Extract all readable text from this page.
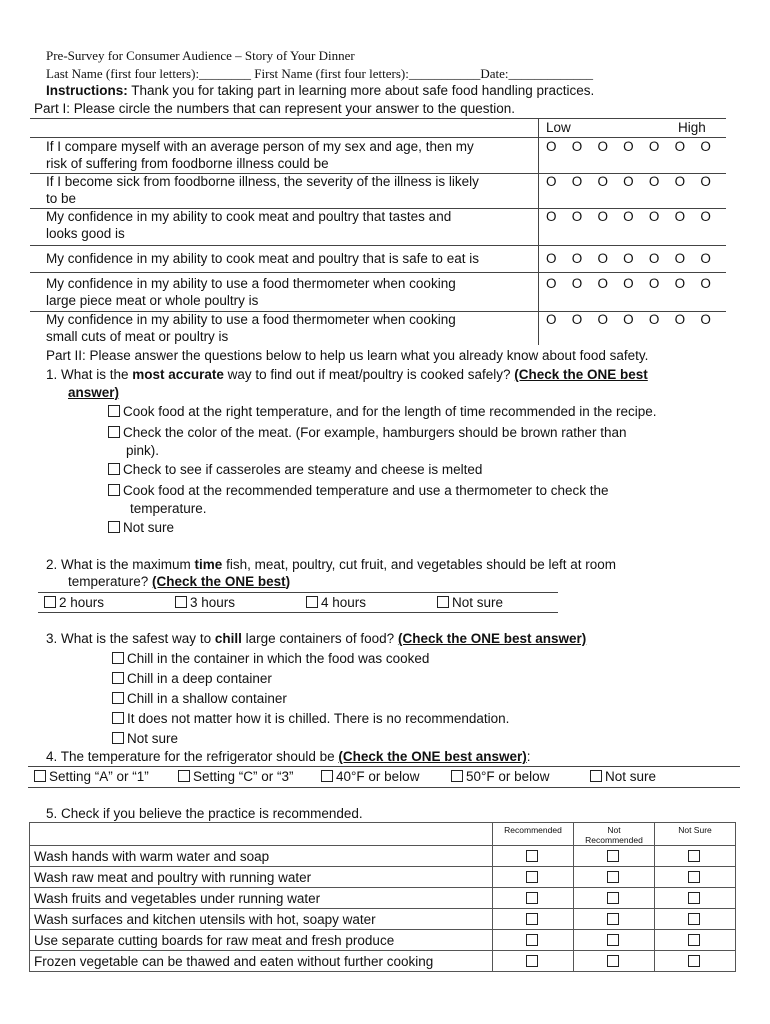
Pre-Survey for Consumer Audience – Story of Your Dinner
Last Name (first four letters):________ First Name (first four letters):___________Date:_____________
Instructions: Thank you for taking part in learning more about safe food handling practices.
Part I: Please circle the numbers that can represent your answer to the question.
Low	High
If I compare myself with an average person of my sex and age, then my
risk of suffering from foodborne illness could be
O	O	O	O	O	O	O
If I become sick from foodborne illness, the severity of the illness is likely
to be
O	O	O	O	O	O	O
My confidence in my ability to cook meat and poultry that tastes and
looks good is
O	O	O	O	O	O	O
My confidence in my ability to cook meat and poultry that is safe to eat is	O	O	O	O	O	O	O
My confidence in my ability to use a food thermometer when cooking
large piece meat or whole poultry is
O	O	O	O	O	O	O
My confidence in my ability to use a food thermometer when cooking
small cuts of meat or poultry is
O	O	O	O	O	O	O
Part II: Please answer the questions below to help us learn what you already know about food safety.
1. What is the most accurate way to find out if meat/poultry is cooked safely? (Check the ONE best
answer)
Cook food at the right temperature, and for the length of time recommended in the recipe.
Check the color of the meat. (For example, hamburgers should be brown rather than
pink).
Check to see if casseroles are steamy and cheese is melted
Cook food at the recommended temperature and use a thermometer to check the
temperature.
Not sure
2. What is the maximum time fish, meat, poultry, cut fruit, and vegetables should be left at room
temperature? (Check the ONE best)
2 hours	3 hours	4 hours	Not sure
3. What is the safest way to chill large containers of food? (Check the ONE best answer)
Chill in the container in which the food was cooked
Chill in a deep container
Chill in a shallow container
It does not matter how it is chilled. There is no recommendation.
Not sure
4. The temperature for the refrigerator should be (Check the ONE best answer):
Setting “A” or “1”	Setting “C” or “3”	40°F or below	50°F or below	Not sure
5. Check if you believe the practice is recommended.
	Recommended	Not Recommended	Not Sure
Wash hands with warm water and soap			
Wash raw meat and poultry with running water			
Wash fruits and vegetables under running water			
Wash surfaces and kitchen utensils with hot, soapy water			
Use separate cutting boards for raw meat and fresh produce			
Frozen vegetable can be thawed and eaten without further cooking			
